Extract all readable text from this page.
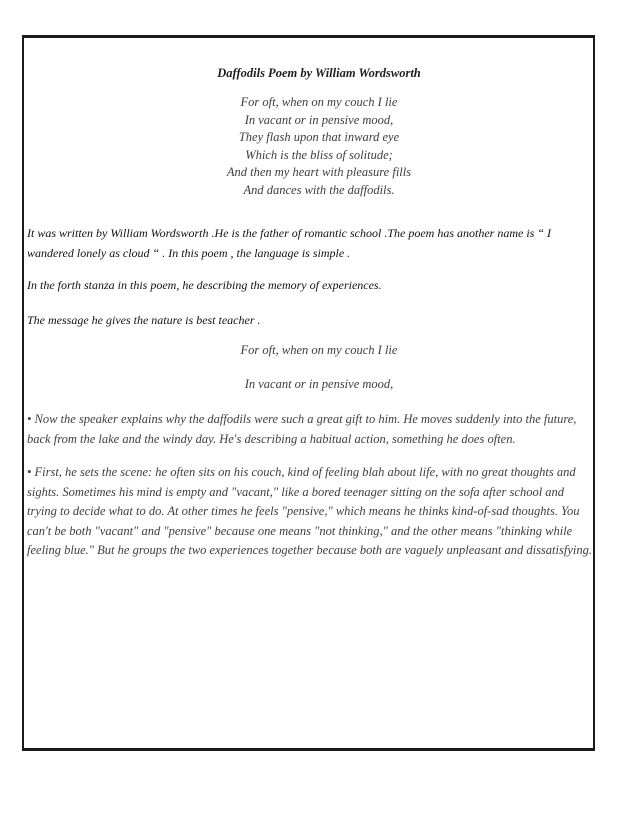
Daffodils Poem by William Wordsworth
For oft, when on my couch I lie
In vacant or in pensive mood,
They flash upon that inward eye
Which is the bliss of solitude;
And then my heart with pleasure fills
And dances with the daffodils.
It was written by William Wordsworth .He is the father of romantic school .The poem has another name is “ I wandered lonely as cloud “ . In this poem , the language is simple .
In the forth stanza in this poem, he describing the memory of experiences.
The message he gives the nature is best teacher .
For oft, when on my couch I lie
In vacant or in pensive mood,
• Now the speaker explains why the daffodils were such a great gift to him. He moves suddenly into the future, back from the lake and the windy day. He's describing a habitual action, something he does often.
• First, he sets the scene: he often sits on his couch, kind of feeling blah about life, with no great thoughts and sights. Sometimes his mind is empty and "vacant," like a bored teenager sitting on the sofa after school and trying to decide what to do. At other times he feels "pensive," which means he thinks kind-of-sad thoughts. You can't be both "vacant" and "pensive" because one means "not thinking," and the other means "thinking while feeling blue." But he groups the two experiences together because both are vaguely unpleasant and dissatisfying.
